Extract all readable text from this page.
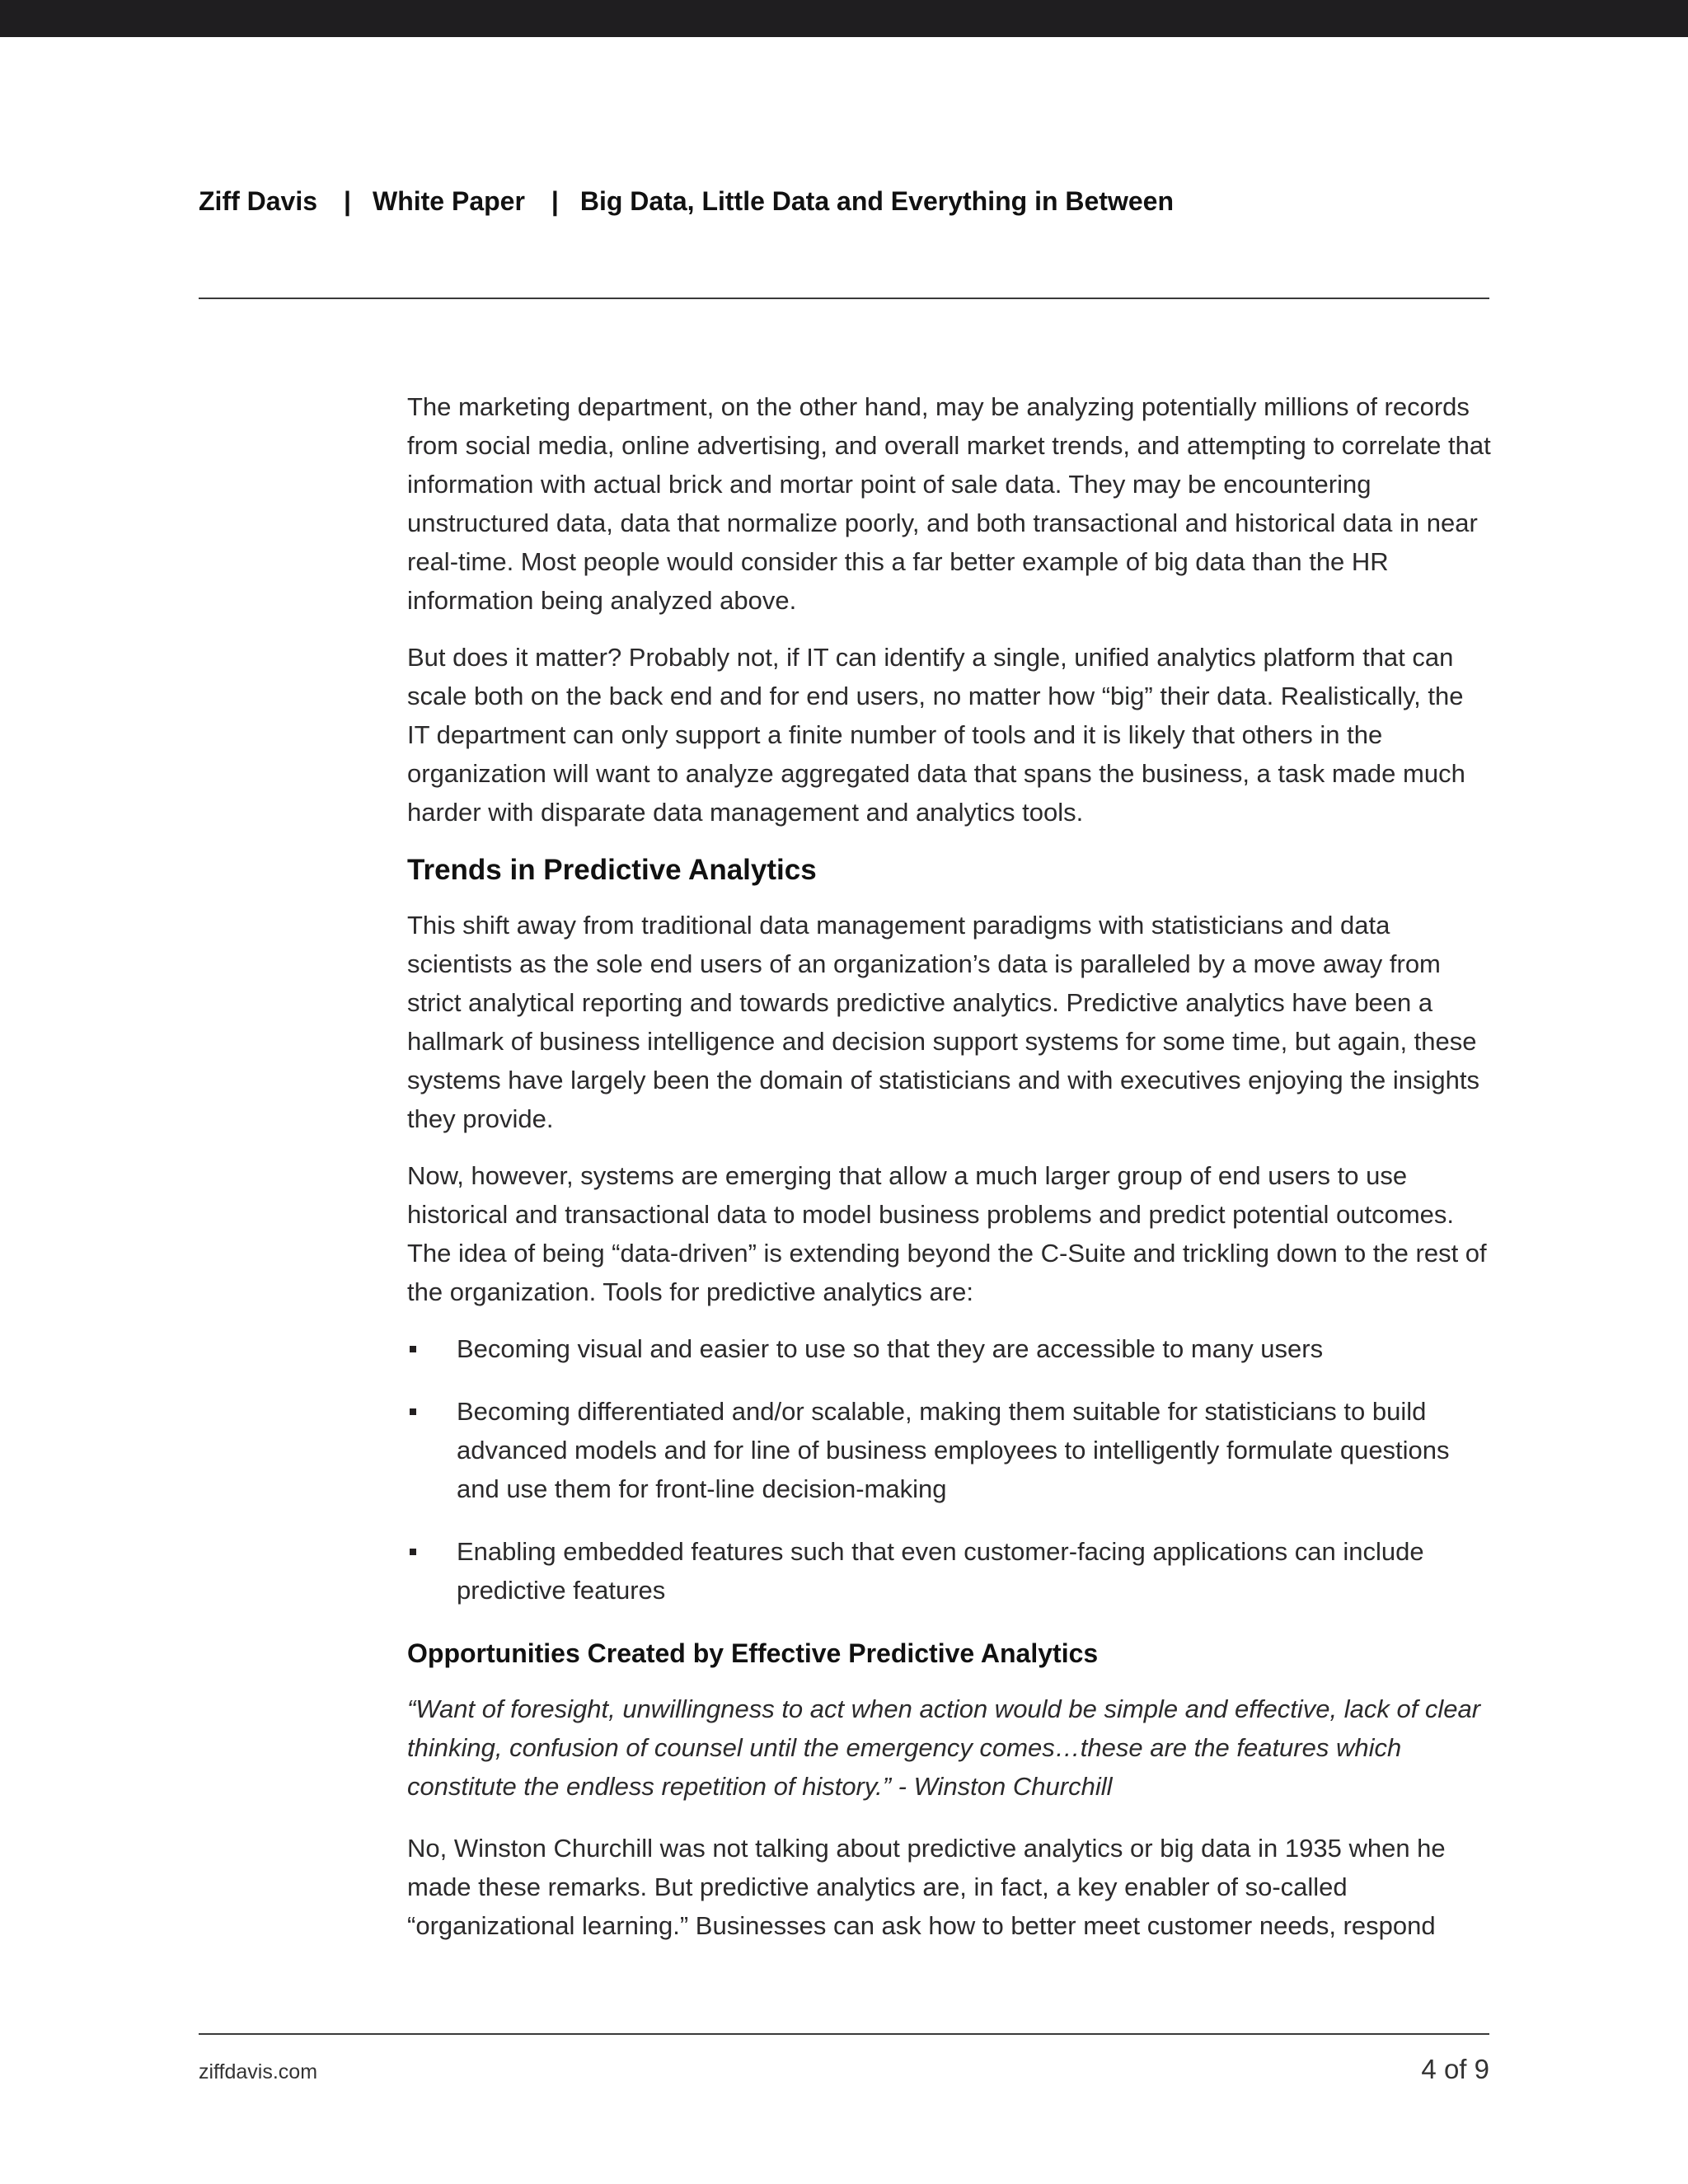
Ziff Davis | White Paper | Big Data, Little Data and Everything in Between

The marketing department, on the other hand, may be analyzing potentially millions of records from social media, online advertising, and overall market trends, and attempting to correlate that information with actual brick and mortar point of sale data. They may be encountering unstructured data, data that normalize poorly, and both transactional and historical data in near real-time. Most people would consider this a far better example of big data than the HR information being analyzed above.

But does it matter? Probably not, if IT can identify a single, unified analytics platform that can scale both on the back end and for end users, no matter how “big” their data. Realistically, the IT department can only support a finite number of tools and it is likely that others in the organization will want to analyze aggregated data that spans the business, a task made much harder with disparate data management and analytics tools.

Trends in Predictive Analytics

This shift away from traditional data management paradigms with statisticians and data scientists as the sole end users of an organization’s data is paralleled by a move away from strict analytical reporting and towards predictive analytics. Predictive analytics have been a hallmark of business intelligence and decision support systems for some time, but again, these systems have largely been the domain of statisticians and with executives enjoying the insights they provide.

Now, however, systems are emerging that allow a much larger group of end users to use historical and transactional data to model business problems and predict potential outcomes. The idea of being “data-driven” is extending beyond the C-Suite and trickling down to the rest of the organization. Tools for predictive analytics are:

Becoming visual and easier to use so that they are accessible to many users
Becoming differentiated and/or scalable, making them suitable for statisticians to build advanced models and for line of business employees to intelligently formulate questions and use them for front-line decision-making
Enabling embedded features such that even customer-facing applications can include predictive features
Opportunities Created by Effective Predictive Analytics

“Want of foresight, unwillingness to act when action would be simple and effective, lack of clear thinking, confusion of counsel until the emergency comes…these are the features which constitute the endless repetition of history.” - Winston Churchill

No, Winston Churchill was not talking about predictive analytics or big data in 1935 when he made these remarks. But predictive analytics are, in fact, a key enabler of so-called “organizational learning.” Businesses can ask how to better meet customer needs, respond

ziffdavis.com	4 of 9
